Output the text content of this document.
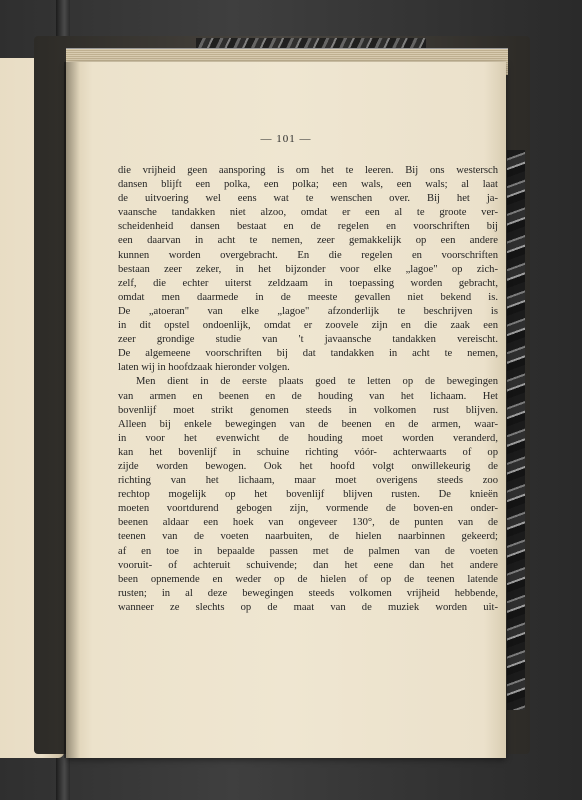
— 101 —
die vrijheid geen aansporing is om het te leeren. Bij ons westersch
dansen blijft een polka, een polka; een wals, een wals; al laat
de uitvoering wel eens wat te wenschen over. Bij het ja-
vaansche tandakken niet alzoo, omdat er een al te groote ver-
scheidenheid dansen bestaat en de regelen en voorschriften bij
een daarvan in acht te nemen, zeer gemakkelijk op een andere
kunnen worden overgebracht. En die regelen en voorschriften
bestaan zeer zeker, in het bijzonder voor elke „lagoe" op zich-
zelf, die echter uiterst zeldzaam in toepassing worden gebracht,
omdat men daarmede in de meeste gevallen niet bekend is.
De „atoeran" van elke „lagoe" afzonderlijk te beschrijven is
in dit opstel ondoenlijk, omdat er zoovele zijn en die zaak een
zeer grondige studie van 't javaansche tandakken vereischt.
De algemeene voorschriften bij dat tandakken in acht te nemen,
laten wij in hoofdzaak hieronder volgen.
Men dient in de eerste plaats goed te letten op de bewegingen
van armen en beenen en de houding van het lichaam. Het
bovenlijf moet strikt genomen steeds in volkomen rust blijven.
Alleen bij enkele bewegingen van de beenen en de armen, waar-
in voor het evenwicht de houding moet worden veranderd,
kan het bovenlijf in schuine richting vóór- achterwaarts of op
zijde worden bewogen. Ook het hoofd volgt onwillekeurig de
richting van het lichaam, maar moet overigens steeds zoo
rechtop mogelijk op het bovenlijf blijven rusten. De knieën
moeten voortdurend gebogen zijn, vormende de boven-en onder-
beenen aldaar een hoek van ongeveer 130°, de punten van de
teenen van de voeten naarbuiten, de hielen naarbinnen gekeerd;
af en toe in bepaalde passen met de palmen van de voeten
vooruit- of achteruit schuivende; dan het eene dan het andere
been opnemende en weder op de hielen of op de teenen latende
rusten; in al deze bewegingen steeds volkomen vrijheid hebbende,
wanneer ze slechts op de maat van de muziek worden uit-
